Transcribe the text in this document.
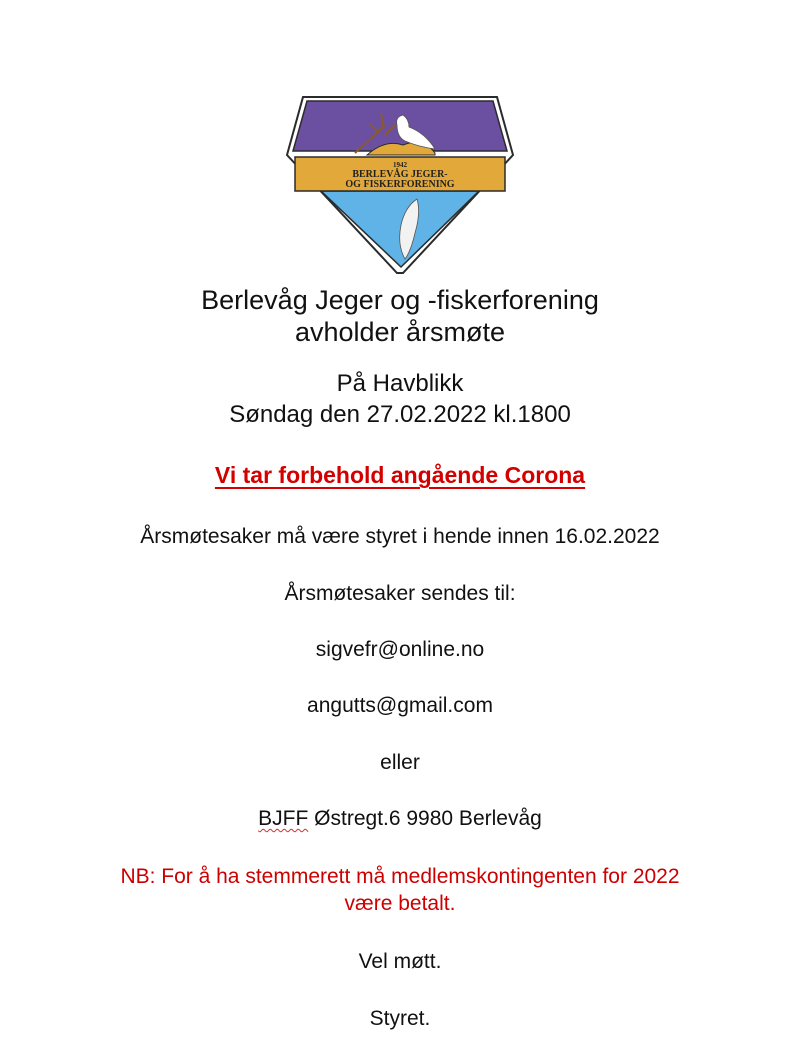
1942
BERLEVÅG JEGER-
OG FISKERFORENING
Berlevåg Jeger og -fiskerforening
avholder årsmøte
På Havblikk
Søndag den 27.02.2022 kl.1800
Vi tar forbehold angående Corona
Årsmøtesaker må være styret i hende innen 16.02.2022
Årsmøtesaker sendes til:
sigvefr@online.no
angutts@gmail.com
eller
BJFF Østregt.6 9980 Berlevåg
NB: For å ha stemmerett må medlemskontingenten for 2022
være betalt.
Vel møtt.
Styret.
